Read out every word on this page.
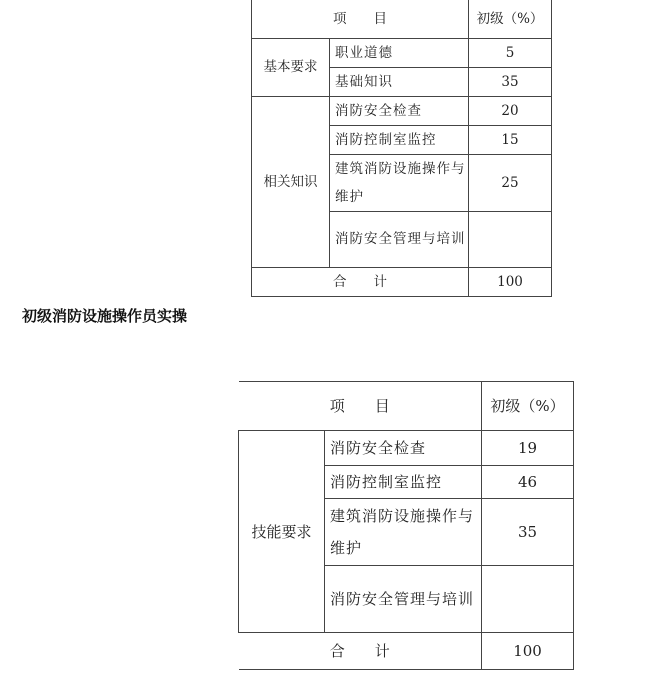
项　　目		初级（%）
基本要求	职业道德	5
	基础知识	35
相关知识	消防安全检查	20
	消防控制室监控	15
	建筑消防设施操作与维护	25
	消防安全管理与培训	
合　　计		100
初级消防设施操作员实操
项　　目		初级（%）
技能要求	消防安全检查	19
	消防控制室监控	46
	建筑消防设施操作与维护	35
	消防安全管理与培训	
合　　计		100
